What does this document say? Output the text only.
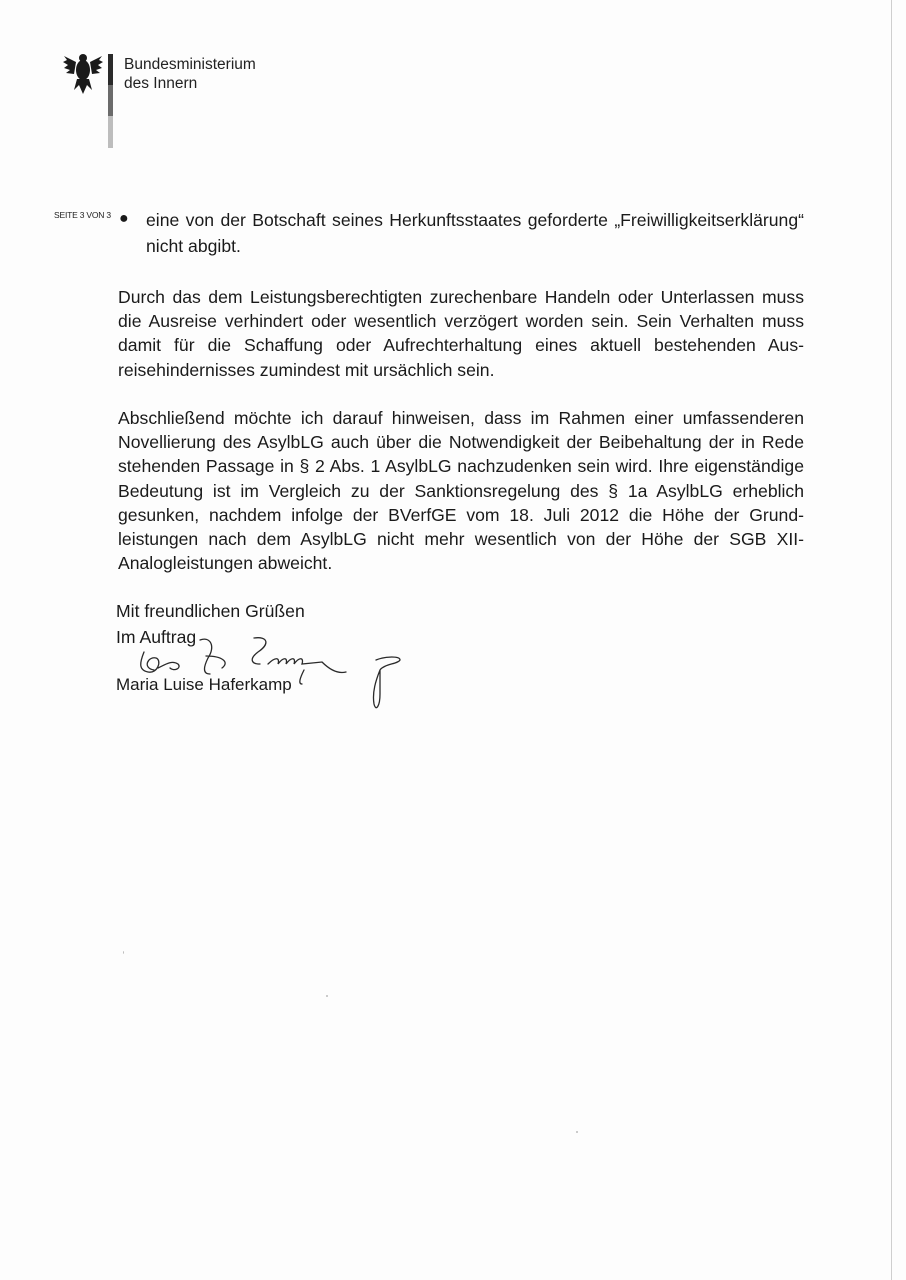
Bundesministerium
des Innern
SEITE 3 VON 3 ● eine von der Botschaft seines Herkunftsstaates geforderte „Freiwilligkeitserklärung“ nicht abgibt.
Durch das dem Leistungsberechtigten zurechenbare Handeln oder Unterlassen muss die Ausreise verhindert oder wesentlich verzögert worden sein. Sein Verhalten muss damit für die Schaffung oder Aufrechterhaltung eines aktuell bestehenden Ausreisehindernisses zumindest mit ursächlich sein.
Abschließend möchte ich darauf hinweisen, dass im Rahmen einer umfassenderen Novellierung des AsylbLG auch über die Notwendigkeit der Beibehaltung der in Rede stehenden Passage in § 2 Abs. 1 AsylbLG nachzudenken sein wird. Ihre eigenständige Bedeutung ist im Vergleich zu der Sanktionsregelung des § 1a AsylbLG erheblich gesunken, nachdem infolge der BVerfGE vom 18. Juli 2012 die Höhe der Grundleistungen nach dem AsylbLG nicht mehr wesentlich von der Höhe der SGB XII-Analogleistungen abweicht.
Mit freundlichen Grüßen
Im Auftrag
Maria Luise Haferkamp
